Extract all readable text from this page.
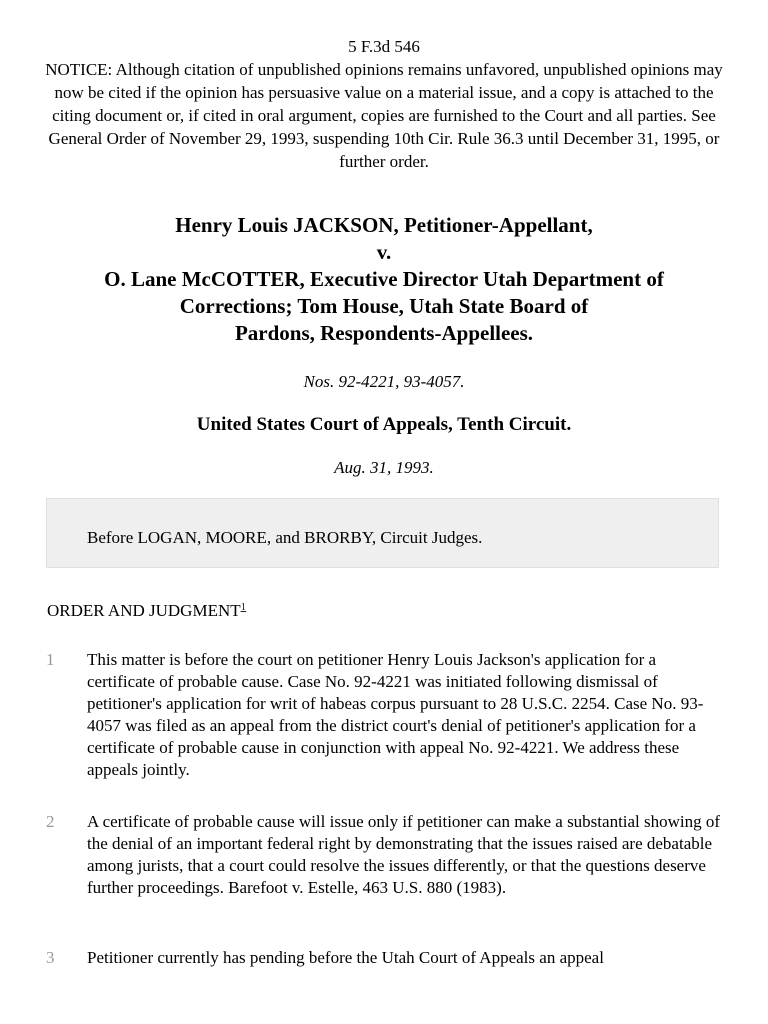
5 F.3d 546
NOTICE: Although citation of unpublished opinions remains unfavored, unpublished opinions may now be cited if the opinion has persuasive value on a material issue, and a copy is attached to the citing document or, if cited in oral argument, copies are furnished to the Court and all parties. See General Order of November 29, 1993, suspending 10th Cir. Rule 36.3 until December 31, 1995, or further order.
Henry Louis JACKSON, Petitioner-Appellant,
v.
O. Lane McCOTTER, Executive Director Utah Department of
Corrections; Tom House, Utah State Board of
Pardons, Respondents-Appellees.
Nos. 92-4221, 93-4057.
United States Court of Appeals, Tenth Circuit.
Aug. 31, 1993.
Before LOGAN, MOORE, and BRORBY, Circuit Judges.
ORDER AND JUDGMENT$^1$
1 This matter is before the court on petitioner Henry Louis Jackson's application for a certificate of probable cause. Case No. 92-4221 was initiated following dismissal of petitioner's application for writ of habeas corpus pursuant to 28 U.S.C. 2254. Case No. 93-4057 was filed as an appeal from the district court's denial of petitioner's application for a certificate of probable cause in conjunction with appeal No. 92-4221. We address these appeals jointly.

2 A certificate of probable cause will issue only if petitioner can make a substantial showing of the denial of an important federal right by demonstrating that the issues raised are debatable among jurists, that a court could resolve the issues differently, or that the questions deserve further proceedings. Barefoot v. Estelle, 463 U.S. 880 (1983).

3 Petitioner currently has pending before the Utah Court of Appeals an appeal
